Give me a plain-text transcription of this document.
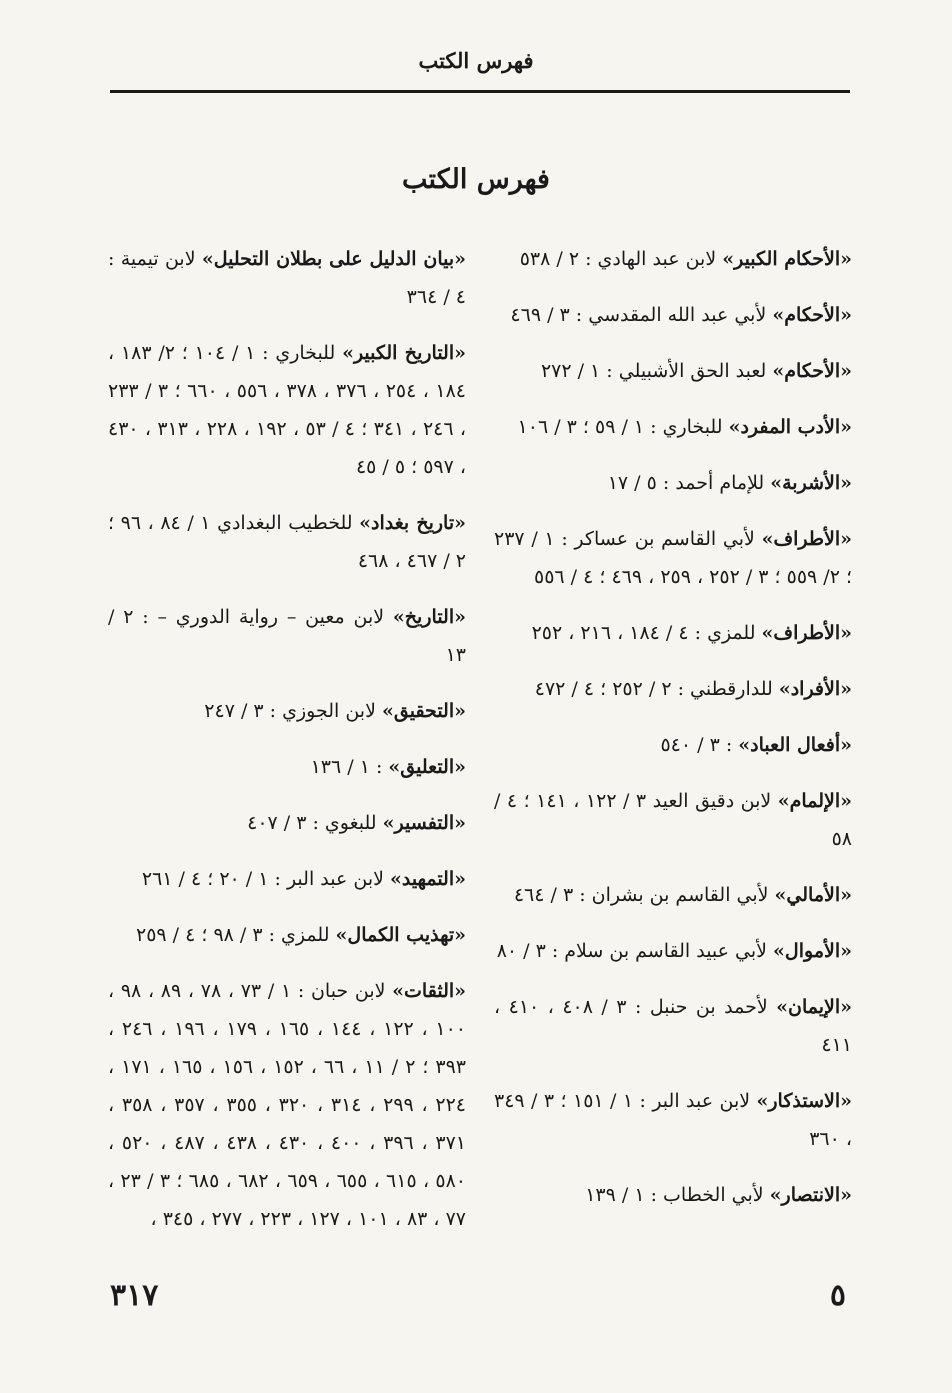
فهرس الكتب
فهرس الكتب

«الأحكام الكبير» لابن عبد الهادي : ٢ / ٥٣٨

«الأحكام» لأبي عبد الله المقدسي : ٣ / ٤٦٩

«الأحكام» لعبد الحق الأشبيلي : ١ / ٢٧٢

«الأدب المفرد» للبخاري : ١ / ٥٩ ؛ ٣ / ١٠٦

«الأشربة» للإمام أحمد : ٥ / ١٧

«الأطراف» لأبي القاسم بن عساكر : ١ / ٢٣٧ ؛ ٢/ ٥٥٩ ؛ ٣ / ٢٥٢ ، ٢٥٩ ، ٤٦٩ ؛ ٤ / ٥٥٦

«الأطراف» للمزي : ٤ / ١٨٤ ، ٢١٦ ، ٢٥٢

«الأفراد» للدارقطني : ٢ / ٢٥٢ ؛ ٤ / ٤٧٢

«أفعال العباد» : ٣ / ٥٤٠

«الإلمام» لابن دقيق العيد ٣ / ١٢٢ ، ١٤١ ؛ ٤ / ٥٨

«الأمالي» لأبي القاسم بن بشران : ٣ / ٤٦٤

«الأموال» لأبي عبيد القاسم بن سلام : ٣ / ٨٠

«الإيمان» لأحمد بن حنبل : ٣ / ٤٠٨ ، ٤١٠ ، ٤١١

«الاستذكار» لابن عبد البر : ١ / ١٥١ ؛ ٣ / ٣٤٩ ، ٣٦٠

«الانتصار» لأبي الخطاب : ١ / ١٣٩

«بيان الدليل على بطلان التحليل» لابن تيمية : ٤ / ٣٦٤

«التاريخ الكبير» للبخاري : ١ / ١٠٤ ؛ ٢/ ١٨٣ ، ١٨٤ ، ٢٥٤ ، ٣٧٦ ، ٣٧٨ ، ٥٥٦ ، ٦٦٠ ؛ ٣ / ٢٣٣ ، ٢٤٦ ، ٣٤١ ؛ ٤ / ٥٣ ، ١٩٢ ، ٢٢٨ ، ٣١٣ ، ٤٣٠ ، ٥٩٧ ؛ ٥ / ٤٥

«تاريخ بغداد» للخطيب البغدادي ١ / ٨٤ ، ٩٦ ؛ ٢ / ٤٦٧ ، ٤٦٨

«التاريخ» لابن معين – رواية الدوري – : ٢ / ١٣

«التحقيق» لابن الجوزي : ٣ / ٢٤٧

«التعليق» : ١ / ١٣٦

«التفسير» للبغوي : ٣ / ٤٠٧

«التمهيد» لابن عبد البر : ١ / ٢٠ ؛ ٤ / ٢٦١

«تهذيب الكمال» للمزي : ٣ / ٩٨ ؛ ٤ / ٢٥٩

«الثقات» لابن حبان : ١ / ٧٣ ، ٧٨ ، ٨٩ ، ٩٨ ، ١٠٠ ، ١٢٢ ، ١٤٤ ، ١٦٥ ، ١٧٩ ، ١٩٦ ، ٢٤٦ ، ٣٩٣ ؛ ٢ / ١١ ، ٦٦ ، ١٥٢ ، ١٥٦ ، ١٦٥ ، ١٧١ ، ٢٢٤ ، ٢٩٩ ، ٣١٤ ، ٣٢٠ ، ٣٥٥ ، ٣٥٧ ، ٣٥٨ ، ٣٧١ ، ٣٩٦ ، ٤٠٠ ، ٤٣٠ ، ٤٣٨ ، ٤٨٧ ، ٥٢٠ ، ٥٨٠ ، ٦١٥ ، ٦٥٥ ، ٦٥٩ ، ٦٨٢ ، ٦٨٥ ؛ ٣ / ٢٣ ، ٧٧ ، ٨٣ ، ١٠١ ، ١٢٧ ، ٢٢٣ ، ٢٧٧ ، ٣٤٥ ،

٥
٣١٧
